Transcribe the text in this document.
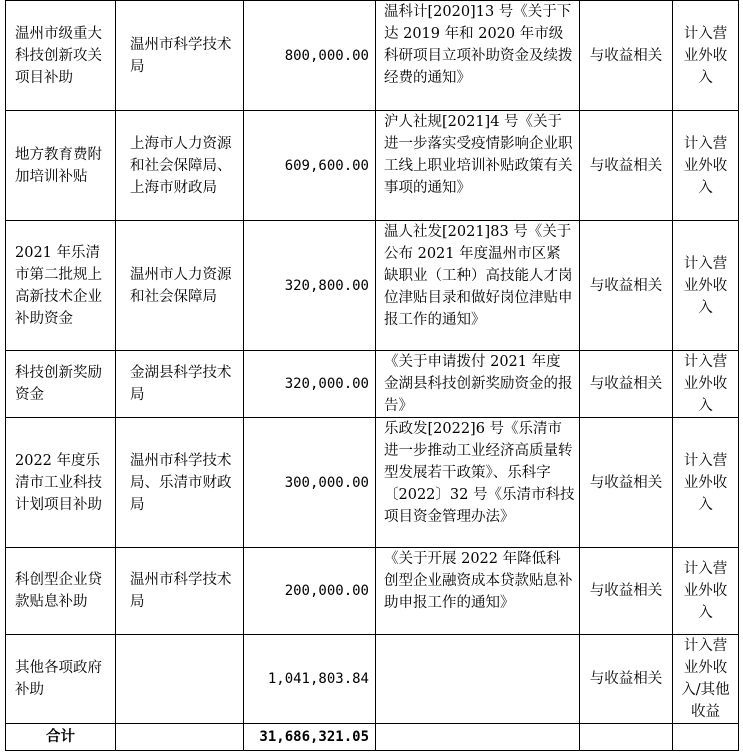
温州市级重大科技创新攻关项目补助	温州市科学技术局	800,000.00	温科计[2020]13 号《关于下达 2019 年和 2020 年市级科研项目立项补助资金及续拨经费的通知》	与收益相关	计入营业外收入
地方教育费附加培训补贴	上海市人力资源和社会保障局、上海市财政局	609,600.00	沪人社规[2021]4 号《关于进一步落实受疫情影响企业职工线上职业培训补贴政策有关事项的通知》	与收益相关	计入营业外收入
2021 年乐清市第二批规上高新技术企业补助资金	温州市人力资源和社会保障局	320,800.00	温人社发[2021]83 号《关于公布 2021 年度温州市区紧缺职业（工种）高技能人才岗位津贴目录和做好岗位津贴申报工作的通知》	与收益相关	计入营业外收入
科技创新奖励资金	金湖县科学技术局	320,000.00	《关于申请拨付 2021 年度金湖县科技创新奖励资金的报告》	与收益相关	计入营业外收入
2022 年度乐清市工业科技计划项目补助	温州市科学技术局、乐清市财政局	300,000.00	乐政发[2022]6 号《乐清市进一步推动工业经济高质量转型发展若干政策》、乐科字〔2022〕32 号《乐清市科技项目资金管理办法》	与收益相关	计入营业外收入
科创型企业贷款贴息补助	温州市科学技术局	200,000.00	《关于开展 2022 年降低科创型企业融资成本贷款贴息补助申报工作的通知》	与收益相关	计入营业外收入
其他各项政府补助		1,041,803.84		与收益相关	计入营业外收入/其他收益
合计		31,686,321.05			
